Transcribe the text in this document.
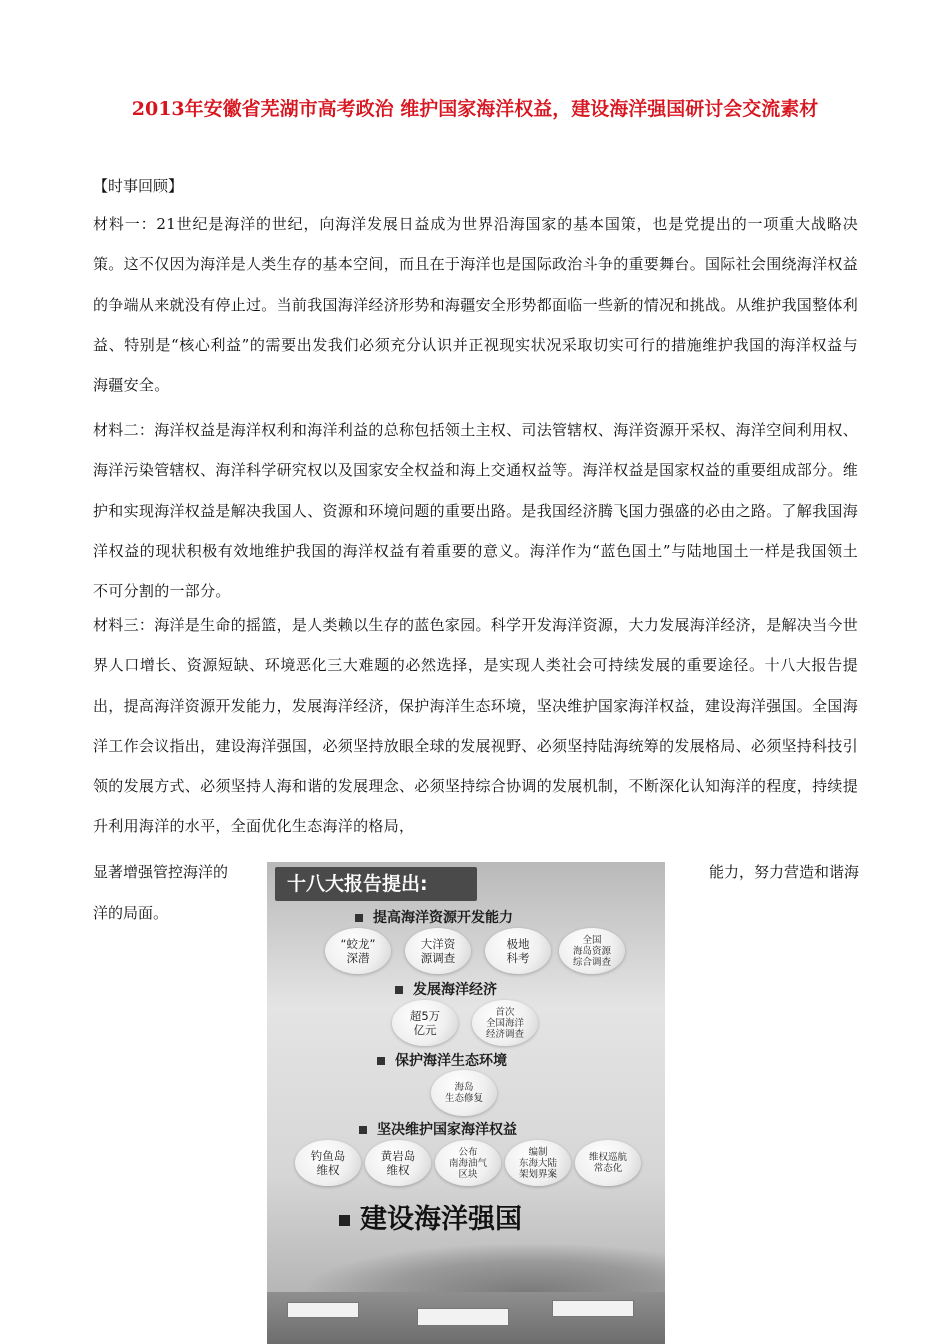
2013年安徽省芜湖市高考政治 维护国家海洋权益，建设海洋强国研讨会交流素材
【时事回顾】
材料一：21世纪是海洋的世纪，向海洋发展日益成为世界沿海国家的基本国策，也是党提出的一项重大战略决策。这不仅因为海洋是人类生存的基本空间，而且在于海洋也是国际政治斗争的重要舞台。国际社会围绕海洋权益的争端从来就没有停止过。当前我国海洋经济形势和海疆安全形势都面临一些新的情况和挑战。从维护我国整体利益、特别是“核心利益”的需要出发我们必须充分认识并正视现实状况采取切实可行的措施维护我国的海洋权益与海疆安全。
材料二：海洋权益是海洋权利和海洋利益的总称包括领土主权、司法管辖权、海洋资源开采权、海洋空间利用权、海洋污染管辖权、海洋科学研究权以及国家安全权益和海上交通权益等。海洋权益是国家权益的重要组成部分。维护和实现海洋权益是解决我国人、资源和环境问题的重要出路。是我国经济腾飞国力强盛的必由之路。了解我国海洋权益的现状积极有效地维护我国的海洋权益有着重要的意义。海洋作为“蓝色国土”与陆地国土一样是我国领土不可分割的一部分。
材料三：海洋是生命的摇篮，是人类赖以生存的蓝色家园。科学开发海洋资源，大力发展海洋经济，是解决当今世界人口增长、资源短缺、环境恶化三大难题的必然选择，是实现人类社会可持续发展的重要途径。十八大报告提出，提高海洋资源开发能力，发展海洋经济，保护海洋生态环境，坚决维护国家海洋权益，建设海洋强国。全国海洋工作会议指出，建设海洋强国，必须坚持放眼全球的发展视野、必须坚持陆海统筹的发展格局、必须坚持科技引领的发展方式、必须坚持人海和谐的发展理念、必须坚持综合协调的发展机制，不断深化认知海洋的程度，持续提升利用海洋的水平，全面优化生态海洋的格局，
显著增强管控海洋的	能力，努力营造和谐海
洋的局面。
十八大报告提出:
提高海洋资源开发能力
“蛟龙”
深潜
大洋资
源调查
极地
科考
全国
海岛资源
综合调查
发展海洋经济
超5万
亿元
首次
全国海洋
经济调查
保护海洋生态环境
海岛
生态修复
坚决维护国家海洋权益
钓鱼岛
维权
黄岩岛
维权
公布
南海油气
区块
编制
东海大陆
架划界案
维权巡航
常态化
建设海洋强国
